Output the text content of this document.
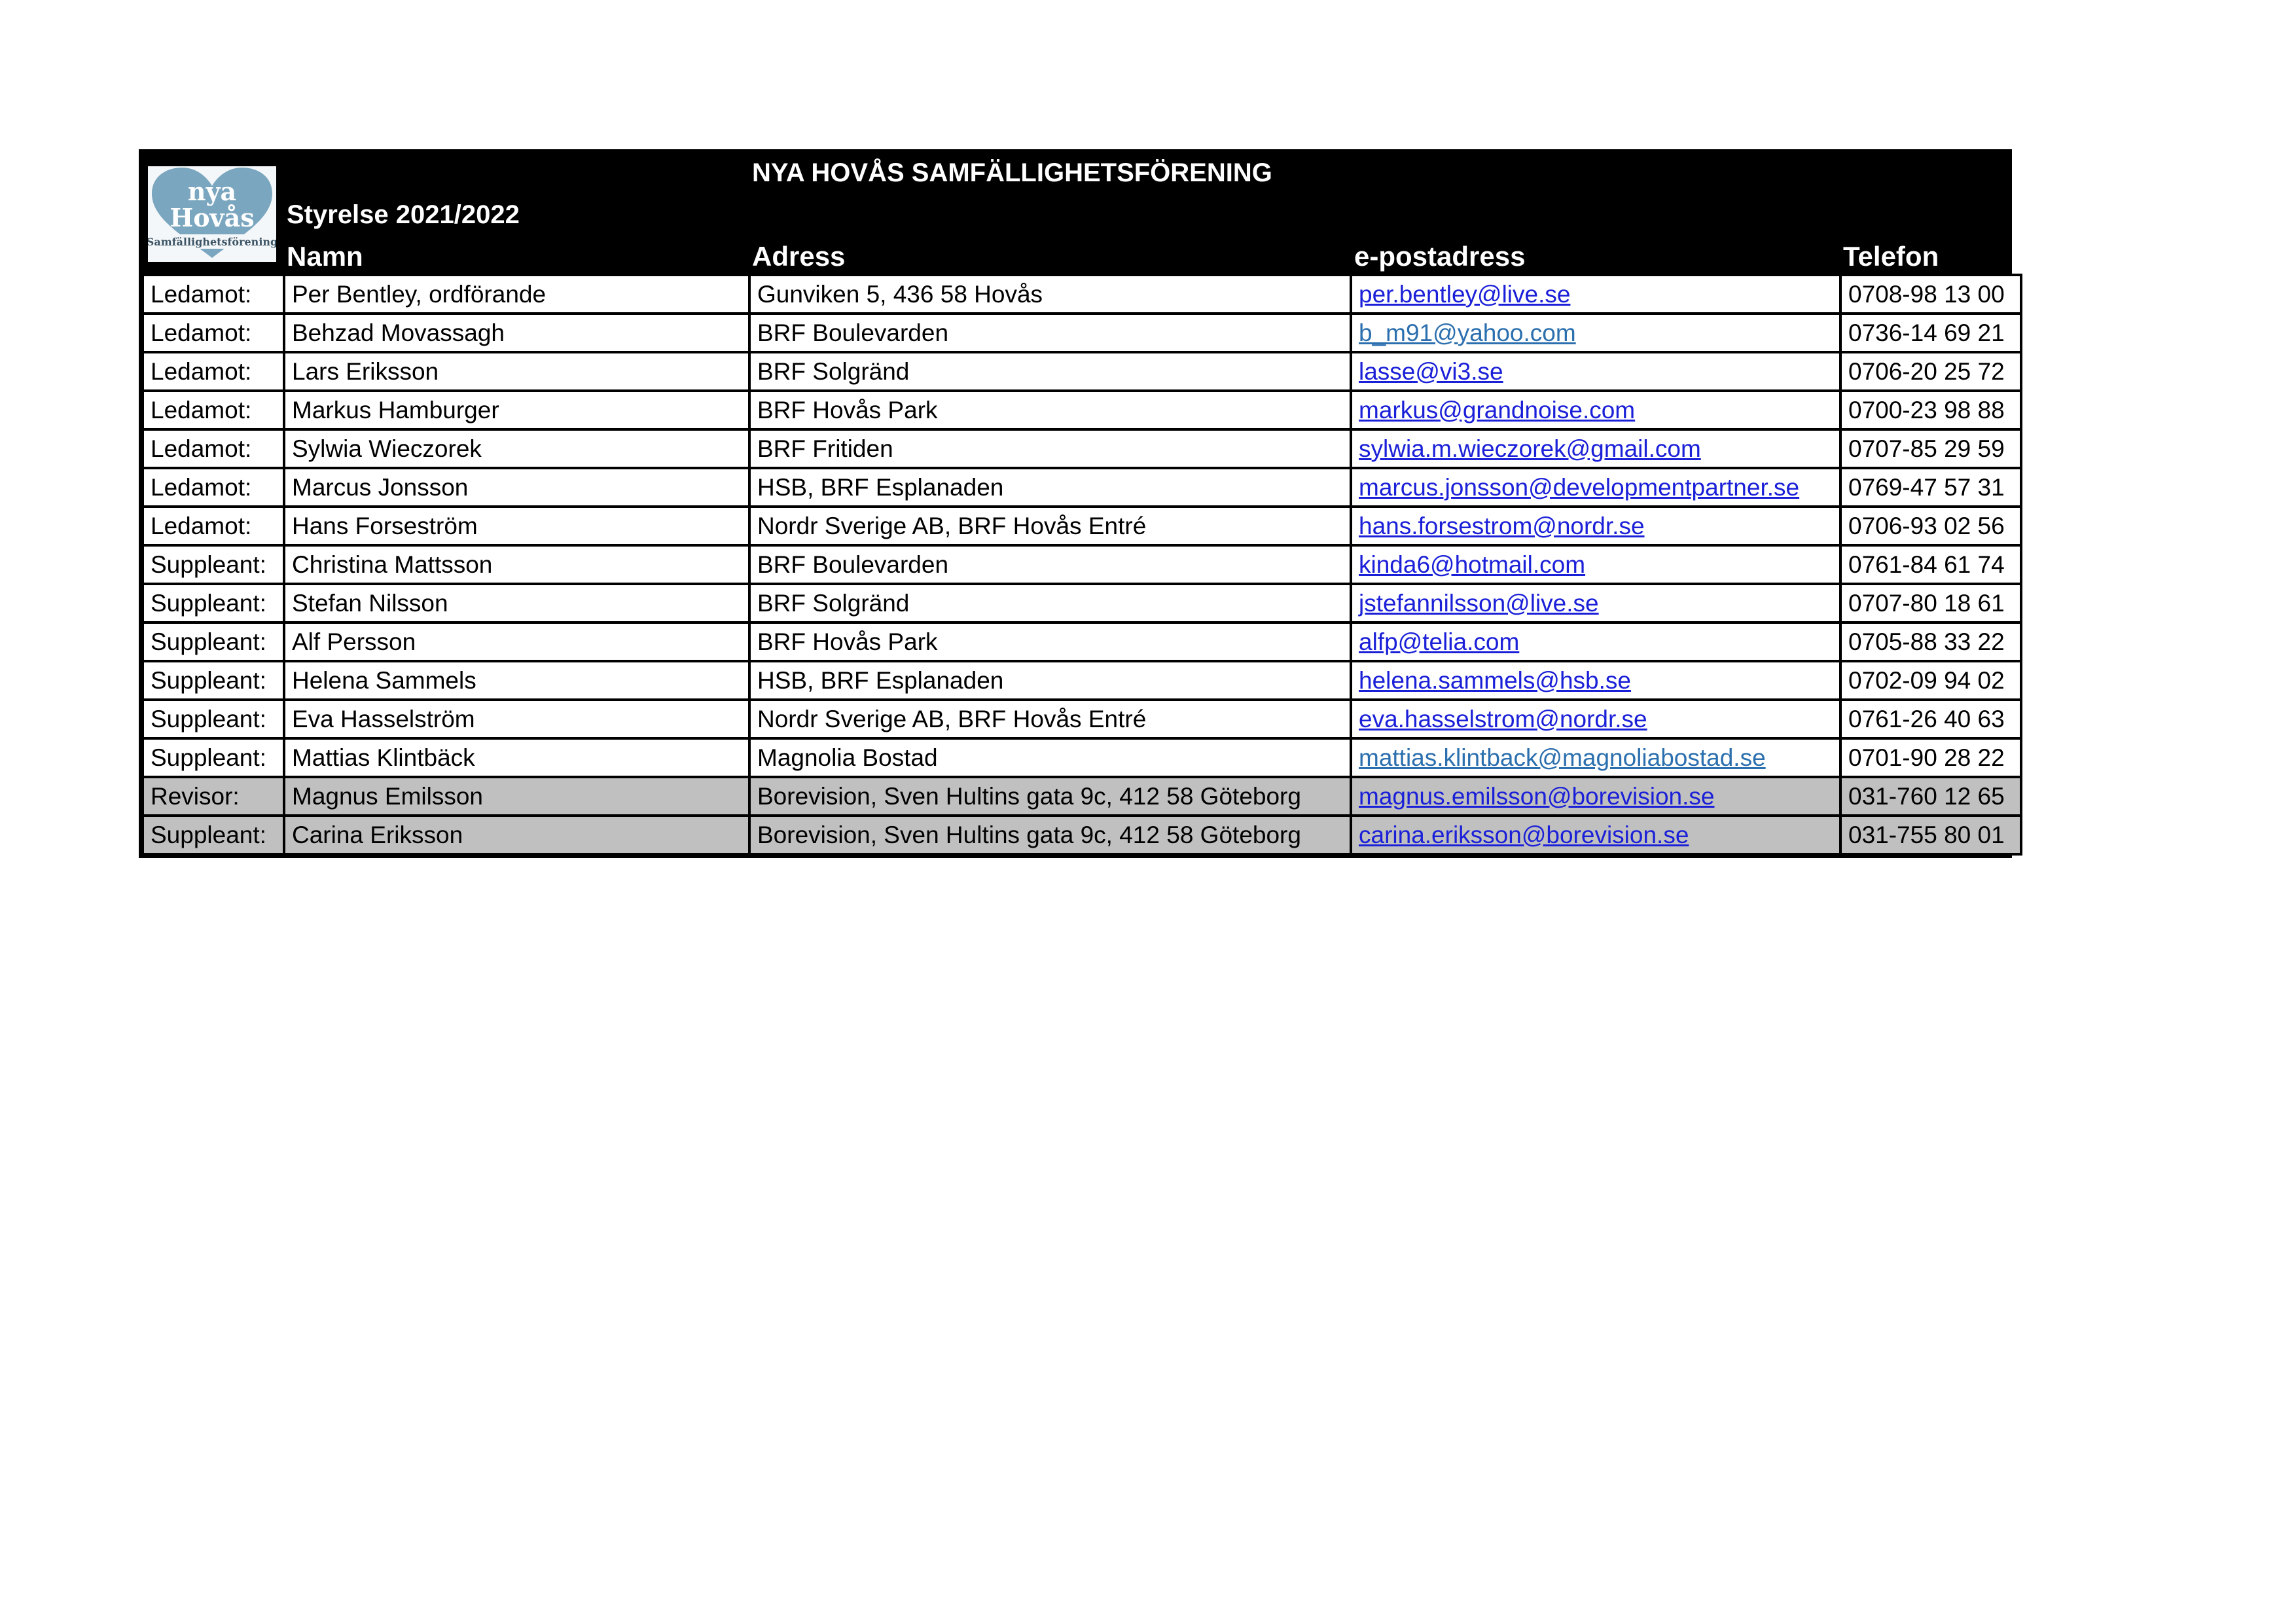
nya
Hovås
Samfällighetsförening
NYA HOVÅS SAMFÄLLIGHETSFÖRENING
Styrelse 2021/2022
Namn	Adress	e-postadress	Telefon
Ledamot:	Per Bentley, ordförande	Gunviken 5, 436 58 Hovås	per.bentley@live.se	0708-98 13 00
Ledamot:	Behzad Movassagh	BRF Boulevarden	b_m91@yahoo.com	0736-14 69 21
Ledamot:	Lars Eriksson	BRF Solgränd	lasse@vi3.se	0706-20 25 72
Ledamot:	Markus Hamburger	BRF Hovås Park	markus@grandnoise.com	0700-23 98 88
Ledamot:	Sylwia Wieczorek	BRF Fritiden	sylwia.m.wieczorek@gmail.com	0707-85 29 59
Ledamot:	Marcus Jonsson	HSB, BRF Esplanaden	marcus.jonsson@developmentpartner.se	0769-47 57 31
Ledamot:	Hans Forseström	Nordr Sverige AB, BRF Hovås Entré	hans.forsestrom@nordr.se	0706-93 02 56
Suppleant:	Christina Mattsson	BRF Boulevarden	kinda6@hotmail.com	0761-84 61 74
Suppleant:	Stefan Nilsson	BRF Solgränd	jstefannilsson@live.se	0707-80 18 61
Suppleant:	Alf Persson	BRF Hovås Park	alfp@telia.com	0705-88 33 22
Suppleant:	Helena Sammels	HSB, BRF Esplanaden	helena.sammels@hsb.se	0702-09 94 02
Suppleant:	Eva Hasselström	Nordr Sverige AB, BRF Hovås Entré	eva.hasselstrom@nordr.se	0761-26 40 63
Suppleant:	Mattias Klintbäck	Magnolia Bostad	mattias.klintback@magnoliabostad.se	0701-90 28 22
Revisor:	Magnus Emilsson	Borevision, Sven Hultins gata 9c, 412 58 Göteborg	magnus.emilsson@borevision.se	031-760 12 65
Suppleant:	Carina Eriksson	Borevision, Sven Hultins gata 9c, 412 58 Göteborg	carina.eriksson@borevision.se	031-755 80 01
